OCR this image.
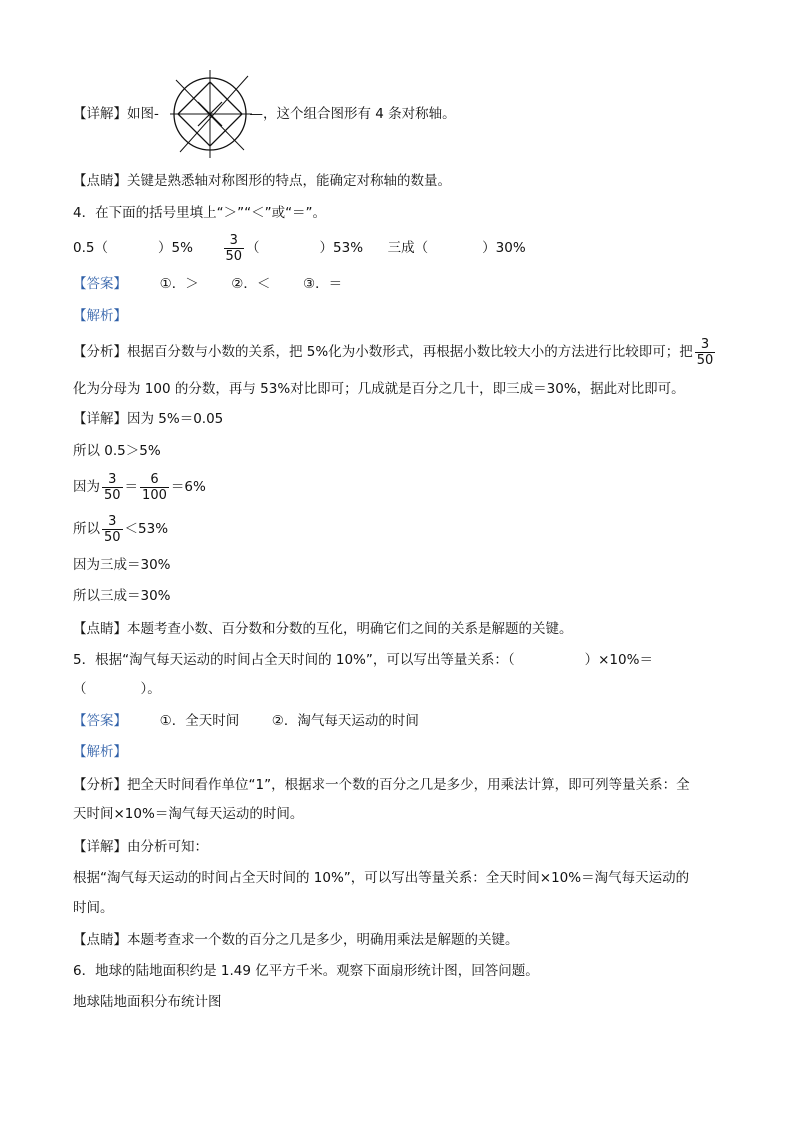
【详解】如图-	—，这个组合图形有 4 条对称轴。
【点睛】关键是熟悉轴对称图形的特点，能确定对称轴的数量。
4．在下面的括号里填上“＞”“＜”或“＝”。
0.5（	）$5\% \frac{3}{50}$ （	）53% 三成（	）30%
【答案】 ①．＞ ②．＜ ③．＝
【解析】
【分析】根据百分数与小数的关系，把 5%化为小数形式，再根据小数比较大小的方法进行比较即可；把 $\frac{3}{50}$
化为分母为 100 的分数，再与 53%对比即可；几成就是百分之几十，即三成＝30%，据此对比即可。
【详解】因为 5%＝0.05
所以 0.5＞5%
因为 $\frac{3}{50} = \frac{6}{100} =6\%$
所以 $\frac{3}{50} <53\%$
因为三成＝30%
所以三成＝30%
【点睛】本题考查小数、百分数和分数的互化，明确它们之间的关系是解题的关键。
5．根据“淘气每天运动的时间占全天时间的 10%”，可以写出等量关系：（	）×10%＝
（	）。
【答案】 ①．全天时间 ②．淘气每天运动的时间
【解析】
【分析】把全天时间看作单位“1”，根据求一个数的百分之几是多少，用乘法计算，即可列等量关系：全
天时间×10%＝淘气每天运动的时间。
【详解】由分析可知：
根据“淘气每天运动的时间占全天时间的 10%”，可以写出等量关系：全天时间×10%＝淘气每天运动的
时间。
【点睛】本题考查求一个数的百分之几是多少，明确用乘法是解题的关键。
6．地球的陆地面积约是 1.49 亿平方千米。观察下面扇形统计图，回答问题。
地球陆地面积分布统计图
